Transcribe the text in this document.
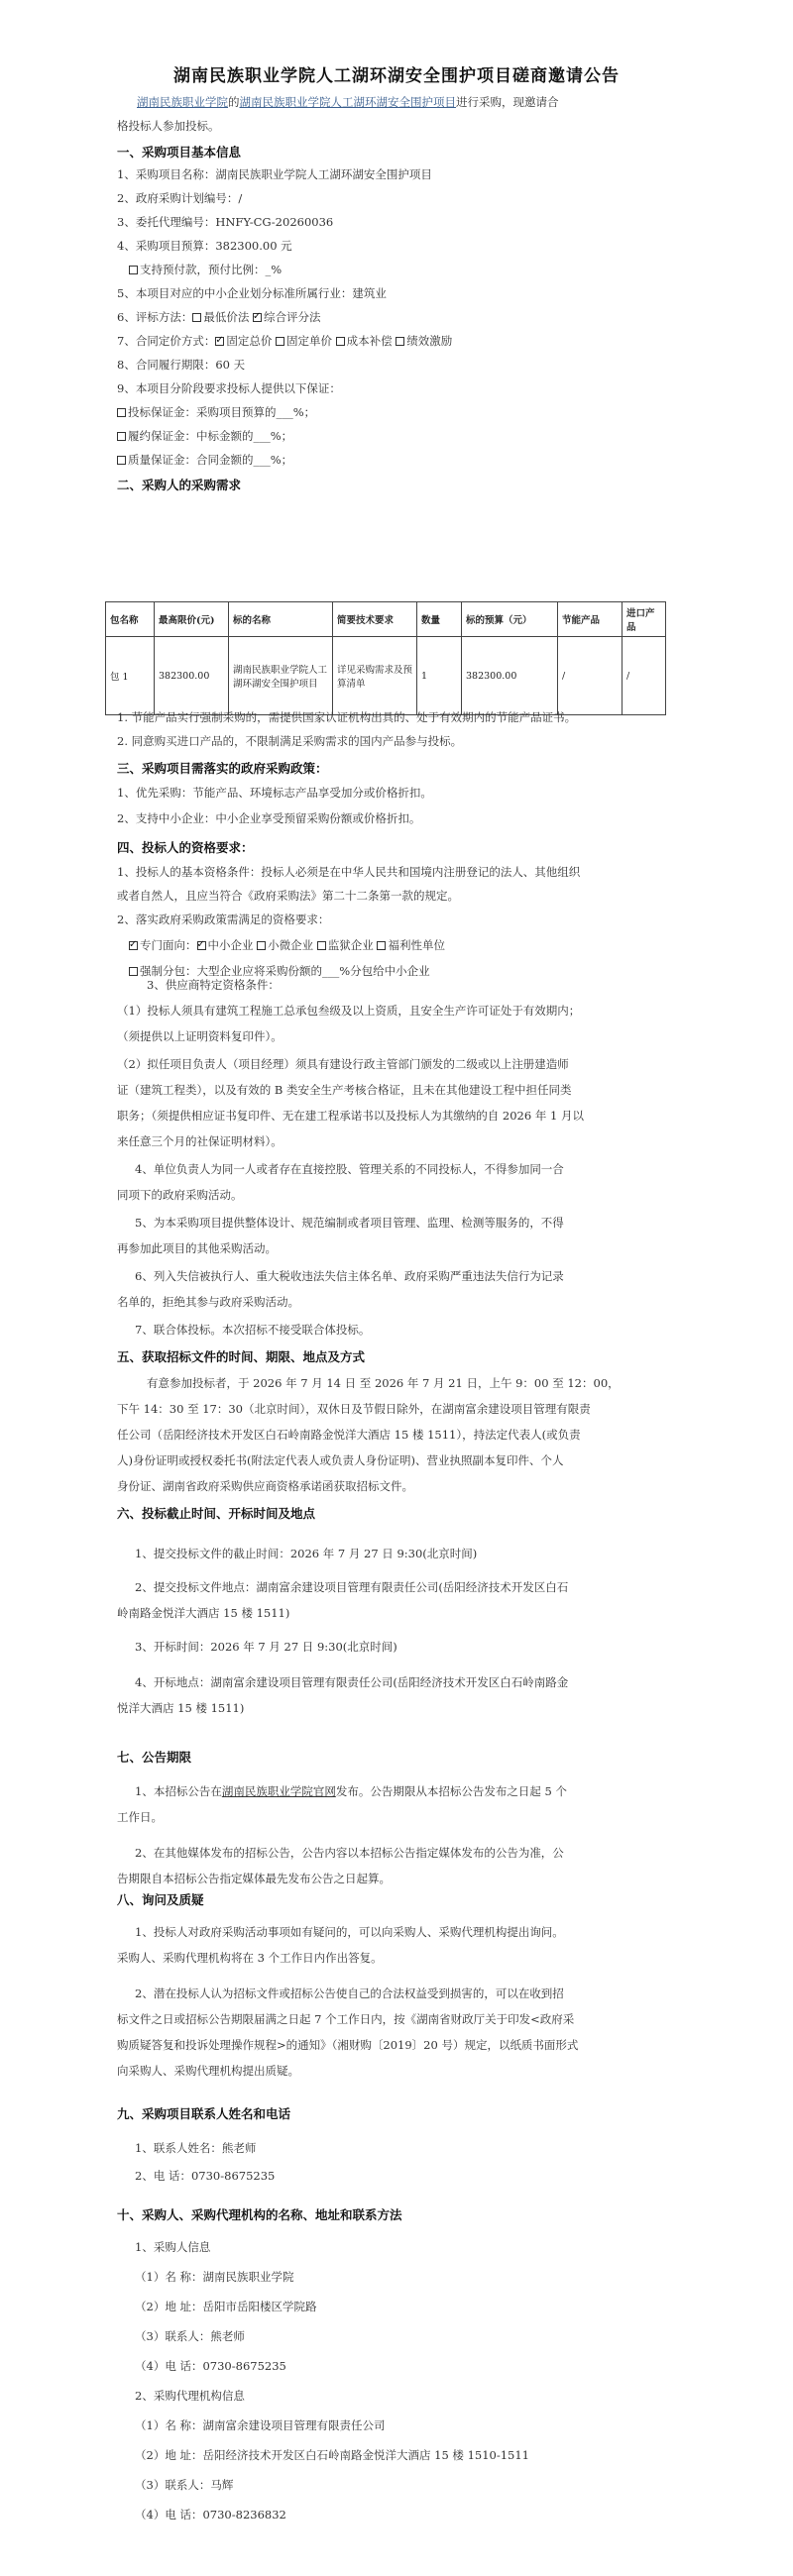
湖南民族职业学院人工湖环湖安全围护项目磋商邀请公告
湖南民族职业学院的湖南民族职业学院人工湖环湖安全围护项目进行采购，现邀请合
格投标人参加投标。
一、采购项目基本信息
1、采购项目名称：湖南民族职业学院人工湖环湖安全围护项目
2、政府采购计划编号：/
3、委托代理编号：HNFY-CG-20260036
4、采购项目预算：382300.00 元
支持预付款，预付比例：_%
5、本项目对应的中小企业划分标准所属行业：建筑业
6、评标方法： 最低价法 ✓ 综合评分法
7、合同定价方式： ✓ 固定总价 固定单价 成本补偿 绩效激励
8、合同履行期限：60 天
9、本项目分阶段要求投标人提供以下保证：
投标保证金：采购项目预算的___%；
履约保证金：中标金额的___%；
质量保证金：合同金额的___%；
二、采购人的采购需求
包名称	最高限价(元)	标的名称	简要技术要求	数量	标的预算（元）	节能产品	进口产品
包 1	382300.00	湖南民族职业学院人工湖环湖安全围护项目	详见采购需求及预算清单	1	382300.00	/	/
1. 节能产品实行强制采购的，需提供国家认证机构出具的、处于有效期内的节能产品证书。
2. 同意购买进口产品的，不限制满足采购需求的国内产品参与投标。
三、采购项目需落实的政府采购政策：
1、优先采购：节能产品、环境标志产品享受加分或价格折扣。
2、支持中小企业：中小企业享受预留采购份额或价格折扣。
四、投标人的资格要求：
1、投标人的基本资格条件：投标人必须是在中华人民共和国境内注册登记的法人、其他组织
或者自然人，且应当符合《政府采购法》第二十二条第一款的规定。
2、落实政府采购政策需满足的资格要求：
✓专门面向： ✓ 中小企业 小微企业 监狱企业 福利性单位
强制分包：大型企业应将采购份额的___%分包给中小企业
3、供应商特定资格条件：
（1）投标人须具有建筑工程施工总承包叁级及以上资质，且安全生产许可证处于有效期内；
（须提供以上证明资料复印件）。
（2）拟任项目负责人（项目经理）须具有建设行政主管部门颁发的二级或以上注册建造师
证（建筑工程类），以及有效的 B 类安全生产考核合格证，且未在其他建设工程中担任同类
职务；（须提供相应证书复印件、无在建工程承诺书以及投标人为其缴纳的自 2026 年 1 月以
来任意三个月的社保证明材料）。
4、单位负责人为同一人或者存在直接控股、管理关系的不同投标人，不得参加同一合
同项下的政府采购活动。
5、为本采购项目提供整体设计、规范编制或者项目管理、监理、检测等服务的，不得
再参加此项目的其他采购活动。
6、列入失信被执行人、重大税收违法失信主体名单、政府采购严重违法失信行为记录
名单的，拒绝其参与政府采购活动。
7、联合体投标。本次招标不接受联合体投标。
五、获取招标文件的时间、期限、地点及方式
有意参加投标者，于 2026 年 7 月 14 日 至 2026 年 7 月 21 日，上午 9：00 至 12：00，
下午 14：30 至 17：30（北京时间），双休日及节假日除外，在湖南富余建设项目管理有限责
任公司（岳阳经济技术开发区白石岭南路金悦洋大酒店 15 楼 1511），持法定代表人(或负责
人)身份证明或授权委托书(附法定代表人或负责人身份证明)、营业执照副本复印件、个人
身份证、湖南省政府采购供应商资格承诺函获取招标文件。
六、投标截止时间、开标时间及地点
1、提交投标文件的截止时间：2026 年 7 月 27 日 9:30(北京时间)
2、提交投标文件地点：湖南富余建设项目管理有限责任公司(岳阳经济技术开发区白石
岭南路金悦洋大酒店 15 楼 1511)
3、开标时间：2026 年 7 月 27 日 9:30(北京时间)
4、开标地点：湖南富余建设项目管理有限责任公司(岳阳经济技术开发区白石岭南路金
悦洋大酒店 15 楼 1511)
七、公告期限
1、本招标公告在湖南民族职业学院官网发布。公告期限从本招标公告发布之日起 5 个
工作日。
2、在其他媒体发布的招标公告，公告内容以本招标公告指定媒体发布的公告为准，公
告期限自本招标公告指定媒体最先发布公告之日起算。
八、询问及质疑
1、投标人对政府采购活动事项如有疑问的，可以向采购人、采购代理机构提出询问。
采购人、采购代理机构将在 3 个工作日内作出答复。
2、潜在投标人认为招标文件或招标公告使自己的合法权益受到损害的，可以在收到招
标文件之日或招标公告期限届满之日起 7 个工作日内，按《湖南省财政厅关于印发<政府采
购质疑答复和投诉处理操作规程>的通知》（湘财购〔2019〕20 号）规定，以纸质书面形式
向采购人、采购代理机构提出质疑。
九、采购项目联系人姓名和电话
1、联系人姓名：熊老师
2、电 话：0730-8675235
十、采购人、采购代理机构的名称、地址和联系方法
1、采购人信息
（1）名 称：湖南民族职业学院
（2）地 址：岳阳市岳阳楼区学院路
（3）联系人：熊老师
（4）电 话：0730-8675235
2、采购代理机构信息
（1）名 称：湖南富余建设项目管理有限责任公司
（2）地 址：岳阳经济技术开发区白石岭南路金悦洋大酒店 15 楼 1510-1511
（3）联系人：马辉
（4）电 话：0730-8236832
